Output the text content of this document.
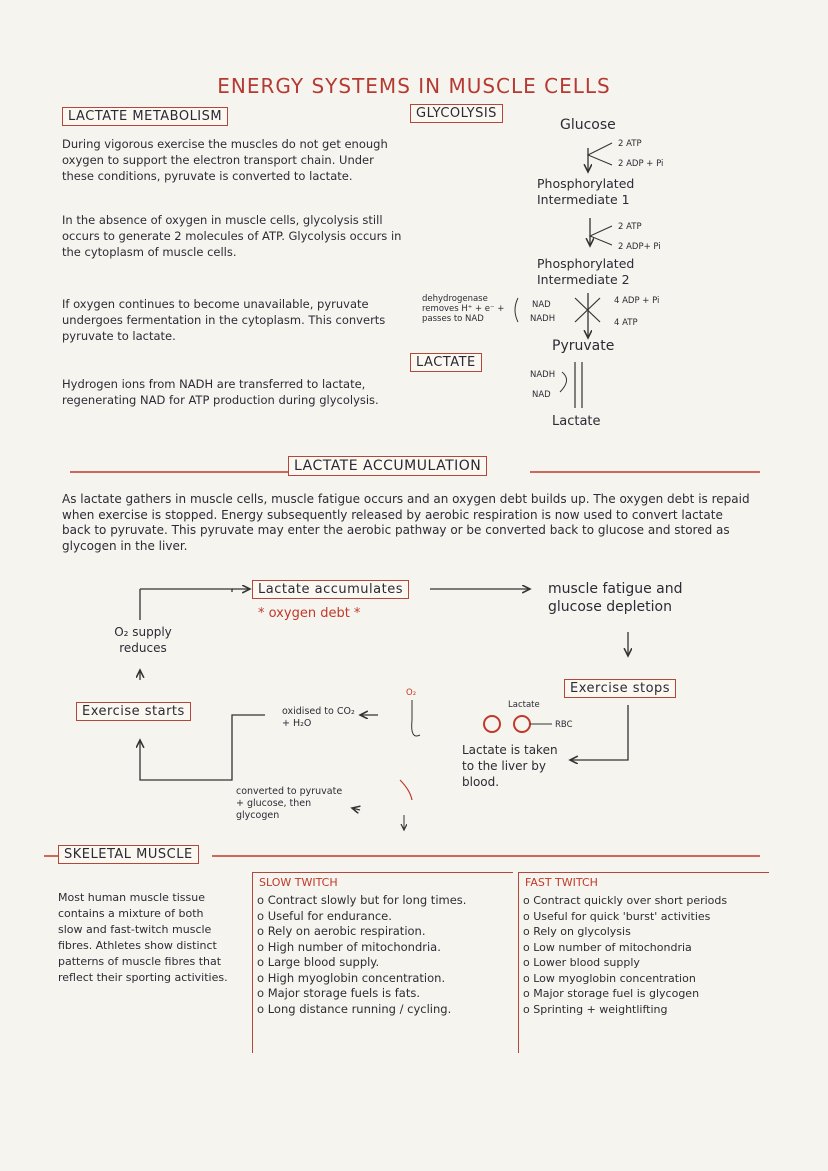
ENERGY SYSTEMS IN MUSCLE CELLS
LACTATE METABOLISM
During vigorous exercise the muscles do not get enough oxygen to support the electron transport chain. Under these conditions, pyruvate is converted to lactate.
In the absence of oxygen in muscle cells, glycolysis still occurs to generate 2 molecules of ATP. Glycolysis occurs in the cytoplasm of muscle cells.
If oxygen continues to become unavailable, pyruvate undergoes fermentation in the cytoplasm. This converts pyruvate to lactate.
Hydrogen ions from NADH are transferred to lactate, regenerating NAD for ATP production during glycolysis.
GLYCOLYSIS
Glucose
2 ATP
2 ADP + Pi
Phosphorylated Intermediate 1
2 ATP
2 ADP+ Pi
Phosphorylated Intermediate 2
dehydrogenase removes H⁺ + e⁻ + passes to NAD
NAD
NADH
4 ADP + Pi
4 ATP
Pyruvate
LACTATE
NADH
NAD
Lactate
LACTATE ACCUMULATION
As lactate gathers in muscle cells, muscle fatigue occurs and an oxygen debt builds up. The oxygen debt is repaid when exercise is stopped. Energy subsequently released by aerobic respiration is now used to convert lactate back to pyruvate. This pyruvate may enter the aerobic pathway or be converted back to glucose and stored as glycogen in the liver.
Lactate accumulates
* oxygen debt *
muscle fatigue and glucose depletion
O₂ supply reduces
Exercise starts
Exercise stops
oxidised to CO₂ + H₂O
converted to pyruvate + glucose, then glycogen
O₂
Lactate
RBC
Lactate is taken to the liver by blood.
SKELETAL MUSCLE
Most human muscle tissue contains a mixture of both slow and fast-twitch muscle fibres. Athletes show distinct patterns of muscle fibres that reflect their sporting activities.
SLOW TWITCH
o Contract slowly but for long times.
o Useful for endurance.
o Rely on aerobic respiration.
o High number of mitochondria.
o Large blood supply.
o High myoglobin concentration.
o Major storage fuels is fats.
o Long distance running / cycling.
FAST TWITCH
o Contract quickly over short periods
o Useful for quick 'burst' activities
o Rely on glycolysis
o Low number of mitochondria
o Lower blood supply
o Low myoglobin concentration
o Major storage fuel is glycogen
o Sprinting + weightlifting
